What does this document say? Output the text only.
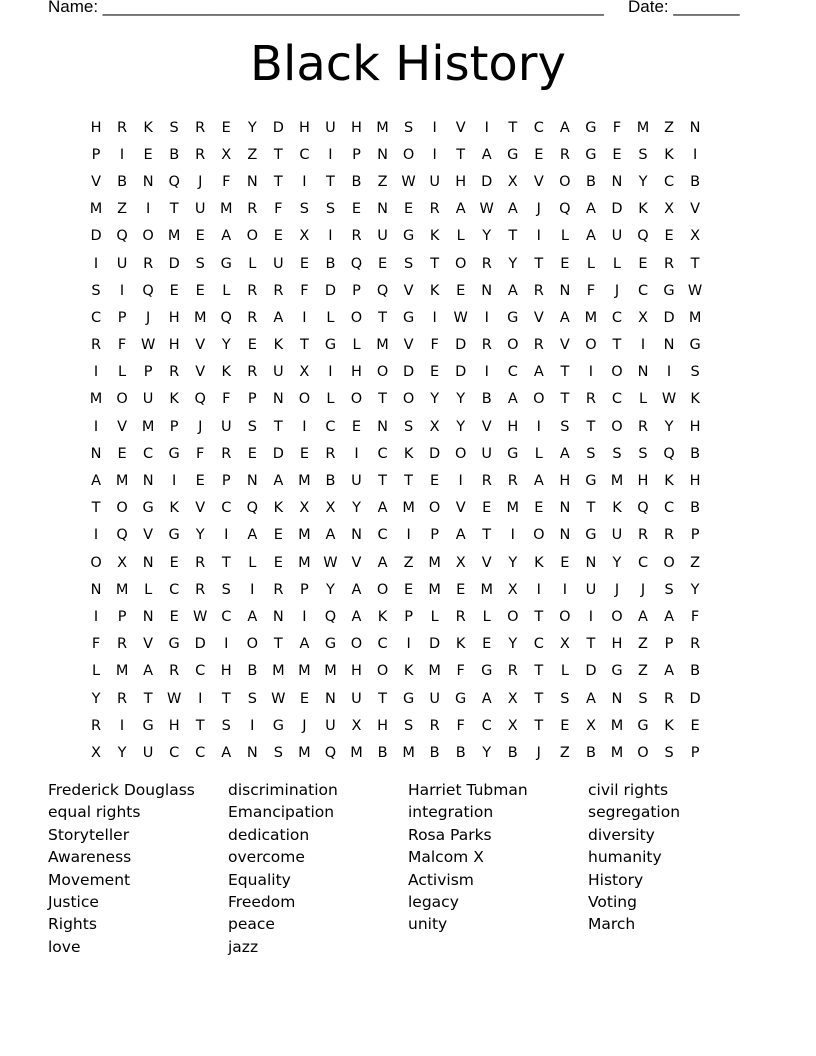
Name: _____________________________________________________ Date: _______
Black History
H	R	K	S	R	E	Y	D	H	U	H M	S	I	V	I	T	C	A	G	F	M	Z	N
P	I	E	B	R	X	Z	T	C	I	P	N	O	I	T	A	G	E	R	G	E	S	K	I
V	B	N	Q	J	F	N	T	I	T	B	Z W U	H	D	X	V	O	B	N	Y	C	B
M	Z	I	T	U M	R	F	S	S	E	N	E	R	A W A	J	Q	A	D	K	X	V
D	Q	O M	E	A	O	E	X	I	R	U	G	K	L	Y	T	I	L	A	U	Q	E	X
I	U	R	D	S	G	L	U	E	B	Q	E	S	T	O	R	Y	T	E	L	L	E	R	T
S	I	Q	E	E	L	R	R	F	D	P	Q	V	K	E	N	A	R	N	F	J	C	G W
C	P	J	H M Q	R	A	I	L	O	T	G	I	W	I	G	V	A	M	C	X	D M
R	F	W H	V	Y	E	K	T	G	L	M	V	F	D	R	O	R	V	O	T	I	N	G
I	L	P	R	V	K	R	U	X	I	H	O	D	E	D	I	C	A	T	I	O	N	I	S
M O	U	K	Q	F	P	N	O	L	O	T	O	Y	Y	B	A	O	T	R	C	L	W K
I	V	M	P	J	U	S	T	I	C	E	N	S	X	Y	V	H	I	S	T	O	R	Y	H
N	E	C	G	F	R	E	D	E	R	I	C	K	D	O	U	G	L	A	S	S	S	Q	B
A	M N	I	E	P	N	A	M	B	U	T	T	E	I	R	R	A	H	G M H	K	H
T	O	G	K	V	C	Q	K	X	X	Y	A	M O	V	E	M	E	N	T	K	Q	C	B
I	Q	V	G	Y	I	A	E	M	A	N	C	I	P	A	T	I	O	N	G	U	R	R	P
O	X	N	E	R	T	L	E	M W V	A	Z	M	X	V	Y	K	E	N	Y	C	O	Z
N M	L	C	R	S	I	R	P	Y	A	O	E	M	E	M	X	I	I	U	J	J	S	Y
I	P	N	E W C	A	N	I	Q	A	K	P	L	R	L	O	T	O	I	O	A	A	F
F	R	V	G	D	I	O	T	A	G	O	C	I	D	K	E	Y	C	X	T	H	Z	P	R
L	M	A	R	C	H	B	M M M H	O	K	M	F	G	R	T	L	D	G	Z	A	B
Y	R	T W	I	T	S W E	N	U	T	G	U	G	A	X	T	S	A	N	S	R	D
R	I	G	H	T	S	I	G	J	U	X	H	S	R	F	C	X	T	E	X	M G	K	E
X	Y	U	C	C	A	N	S	M Q M	B	M	B	B	Y	B	J	Z	B	M O	S	P
Frederick Douglass
equal rights
Storyteller
Awareness
Movement
Justice
Rights
love
discrimination
Emancipation
dedication
overcome
Equality
Freedom
peace
jazz
Harriet Tubman
integration
Rosa Parks
Malcom X
Activism
legacy
unity
civil rights
segregation
diversity
humanity
History
Voting
March
